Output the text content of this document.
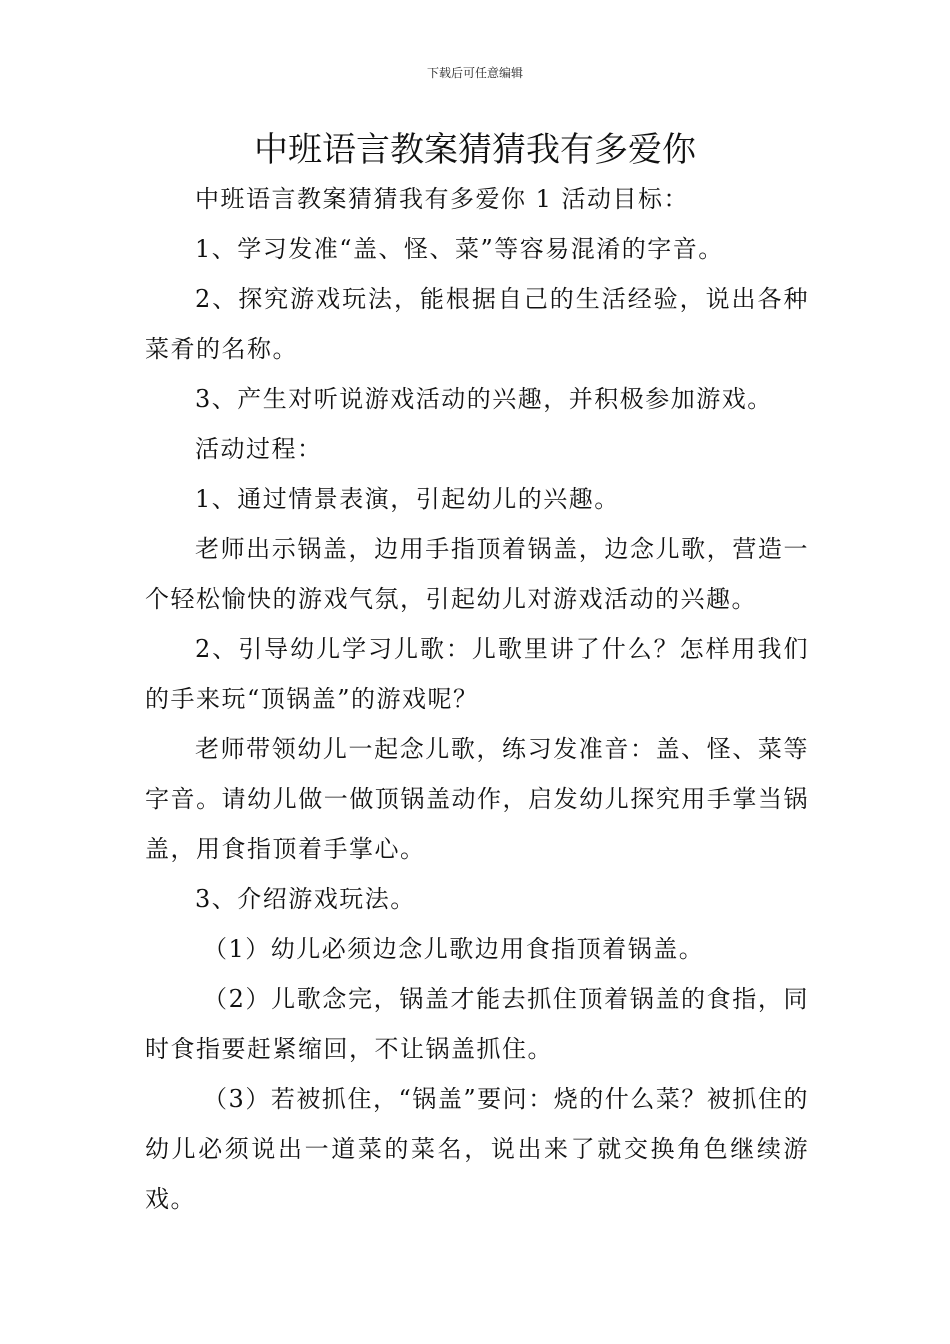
下载后可任意编辑
中班语言教案猜猜我有多爱你

中班语言教案猜猜我有多爱你 1 活动目标：

1、学习发准“盖、怪、菜”等容易混淆的字音。

2、探究游戏玩法，能根据自己的生活经验，说出各种菜肴的名称。

3、产生对听说游戏活动的兴趣，并积极参加游戏。

活动过程：

1、通过情景表演，引起幼儿的兴趣。

老师出示锅盖，边用手指顶着锅盖，边念儿歌，营造一个轻松愉快的游戏气氛，引起幼儿对游戏活动的兴趣。

2、引导幼儿学习儿歌：儿歌里讲了什么？怎样用我们的手来玩“顶锅盖”的游戏呢？

老师带领幼儿一起念儿歌，练习发准音：盖、怪、菜等字音。请幼儿做一做顶锅盖动作，启发幼儿探究用手掌当锅盖，用食指顶着手掌心。

3、介绍游戏玩法。

（1）幼儿必须边念儿歌边用食指顶着锅盖。

（2）儿歌念完，锅盖才能去抓住顶着锅盖的食指，同时食指要赶紧缩回，不让锅盖抓住。

（3）若被抓住，“锅盖”要问：烧的什么菜？被抓住的幼儿必须说出一道菜的菜名，说出来了就交换角色继续游戏。
